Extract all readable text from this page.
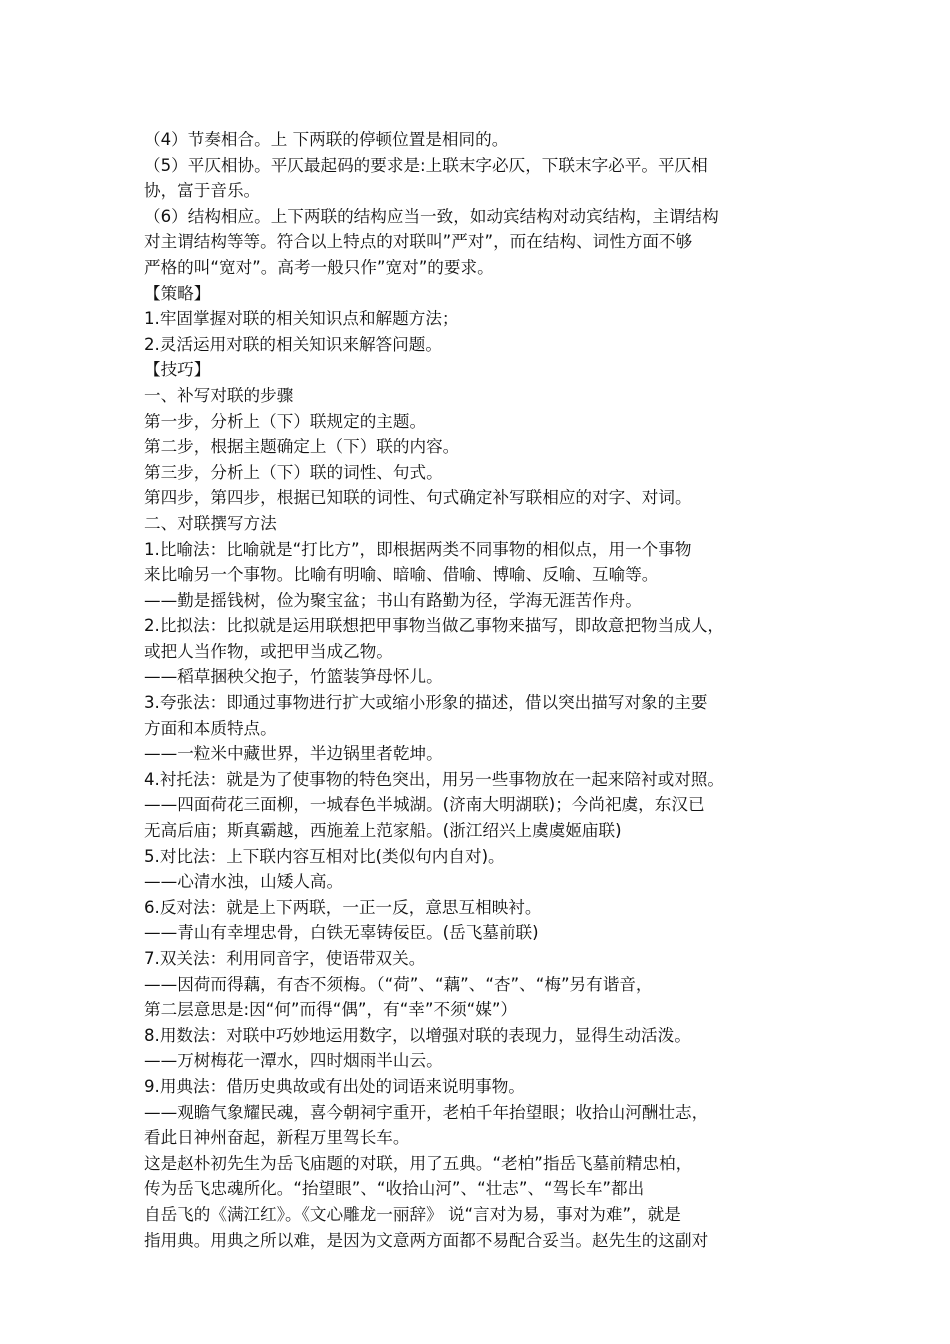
（4）节奏相合。上 下两联的停顿位置是相同的。

（5）平仄相协。平仄最起码的要求是:上联末字必仄，下联末字必平。平仄相

协，富于音乐。

（6）结构相应。上下两联的结构应当一致，如动宾结构对动宾结构，主谓结构

对主谓结构等等。符合以上特点的对联叫”严对”，而在结构、词性方面不够

严格的叫“宽对”。高考一般只作”宽对”的要求。

【策略】

1.牢固掌握对联的相关知识点和解题方法；

2.灵活运用对联的相关知识来解答问题。

【技巧】

一、补写对联的步骤

第一步，分析上（下）联规定的主题。

第二步，根据主题确定上（下）联的内容。

第三步，分析上（下）联的词性、句式。

第四步，第四步，根据已知联的词性、句式确定补写联相应的对字、对词。

二、对联撰写方法

1.比喻法：比喻就是“打比方”，即根据两类不同事物的相似点，用一个事物

来比喻另一个事物。比喻有明喻、暗喻、借喻、博喻、反喻、互喻等。

——勤是摇钱树，俭为聚宝盆；书山有路勤为径，学海无涯苦作舟。

2.比拟法：比拟就是运用联想把甲事物当做乙事物来描写，即故意把物当成人，

或把人当作物，或把甲当成乙物。

——稻草捆秧父抱子，竹篮装笋母怀儿。

3.夸张法：即通过事物进行扩大或缩小形象的描述，借以突出描写对象的主要

方面和本质特点。

——一粒米中藏世界，半边锅里者乾坤。

4.衬托法：就是为了使事物的特色突出，用另一些事物放在一起来陪衬或对照。

——四面荷花三面柳，一城春色半城湖。(济南大明湖联)；今尚祀虞，东汉已

无高后庙；斯真霸越，西施羞上范家船。(浙江绍兴上虞虞姬庙联)

5.对比法：上下联内容互相对比(类似句内自对)。

——心清水浊，山矮人高。

6.反对法：就是上下两联，一正一反，意思互相映衬。

——青山有幸埋忠骨，白铁无辜铸佞臣。(岳飞墓前联)

7.双关法：利用同音字，使语带双关。

——因荷而得藕，有杏不须梅。（“荷”、“藕”、“杏”、“梅”另有谐音，

第二层意思是:因“何”而得“偶”，有“幸”不须“媒”）

8.用数法：对联中巧妙地运用数字，以增强对联的表现力，显得生动活泼。

——万树梅花一潭水，四时烟雨半山云。

9.用典法：借历史典故或有出处的词语来说明事物。

——观瞻气象耀民魂，喜今朝祠宇重开，老柏千年抬望眼；收拾山河酬壮志，

看此日神州奋起，新程万里驾长车。

这是赵朴初先生为岳飞庙题的对联，用了五典。“老柏”指岳飞墓前精忠柏，

传为岳飞忠魂所化。“抬望眼”、“收拾山河”、“壮志”、“驾长车”都出

自岳飞的《满江红》。《文心雕龙一丽辞》 说“言对为易，事对为难”，就是

指用典。用典之所以难，是因为文意两方面都不易配合妥当。赵先生的这副对
